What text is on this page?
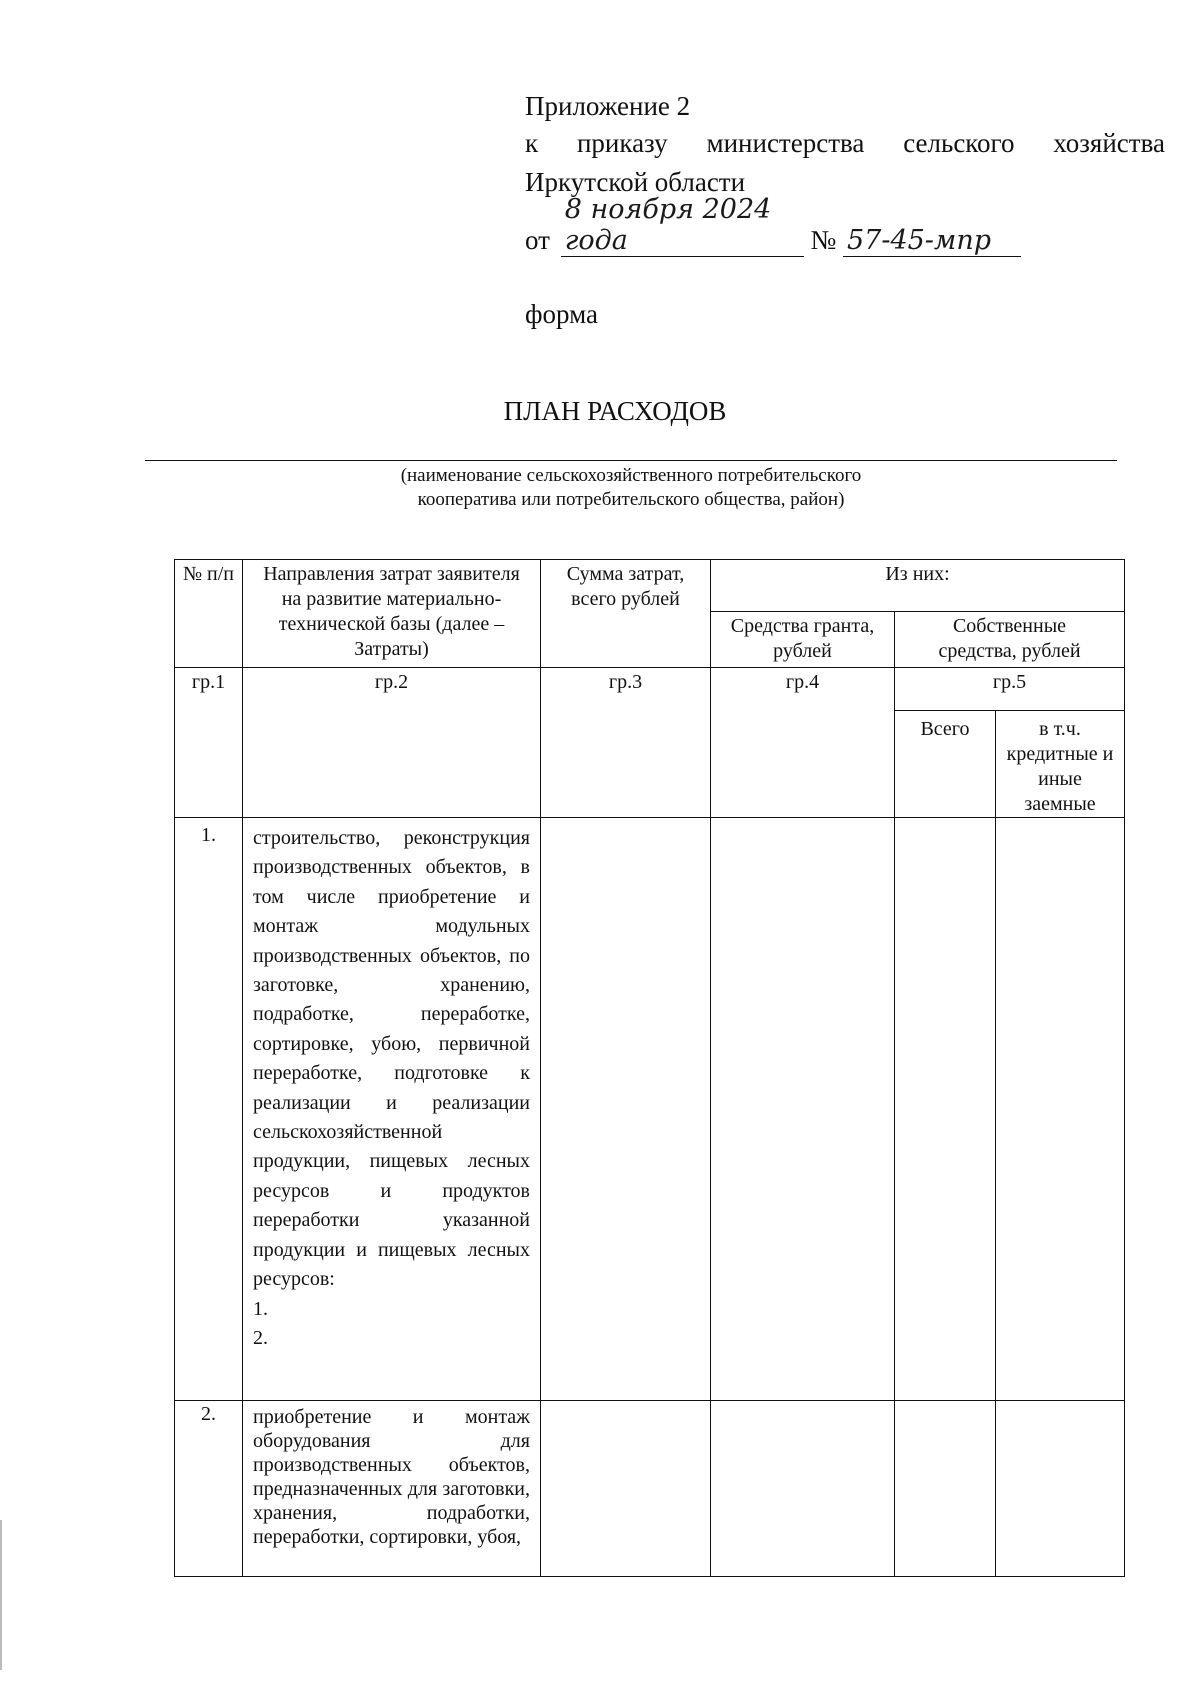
Приложение 2
к приказу министерства сельского хозяйства
Иркутской области
от 8 ноября 2024 года	№ 57-45-мпр
форма
ПЛАН РАСХОДОВ
(наименование сельскохозяйственного потребительского
кооператива или потребительского общества, район)
№ п/п	Направления затрат заявителя на развитие материально-технической базы (далее – Затраты)	Сумма затрат, всего рублей	Из них:		
			Средства гранта, рублей	Собственные средства, рублей	
гр.1	гр.2	гр.3	гр.4	гр.5	
				Всего	в т.ч. кредитные и иные заемные
1.	строительство, реконструкция производственных объектов, в том числе приобретение и монтаж модульных производственных объектов, по заготовке, хранению, подработке, переработке, сортировке, убою, первичной переработке, подготовке к реализации и реализации сельскохозяйственной продукции, пищевых лесных ресурсов и продуктов переработки указанной продукции и пищевых лесных ресурсов:
1.
2.				

2.	приобретение и монтаж оборудования для производственных объектов, предназначенных для заготовки, хранения, подработки, переработки, сортировки, убоя,				
